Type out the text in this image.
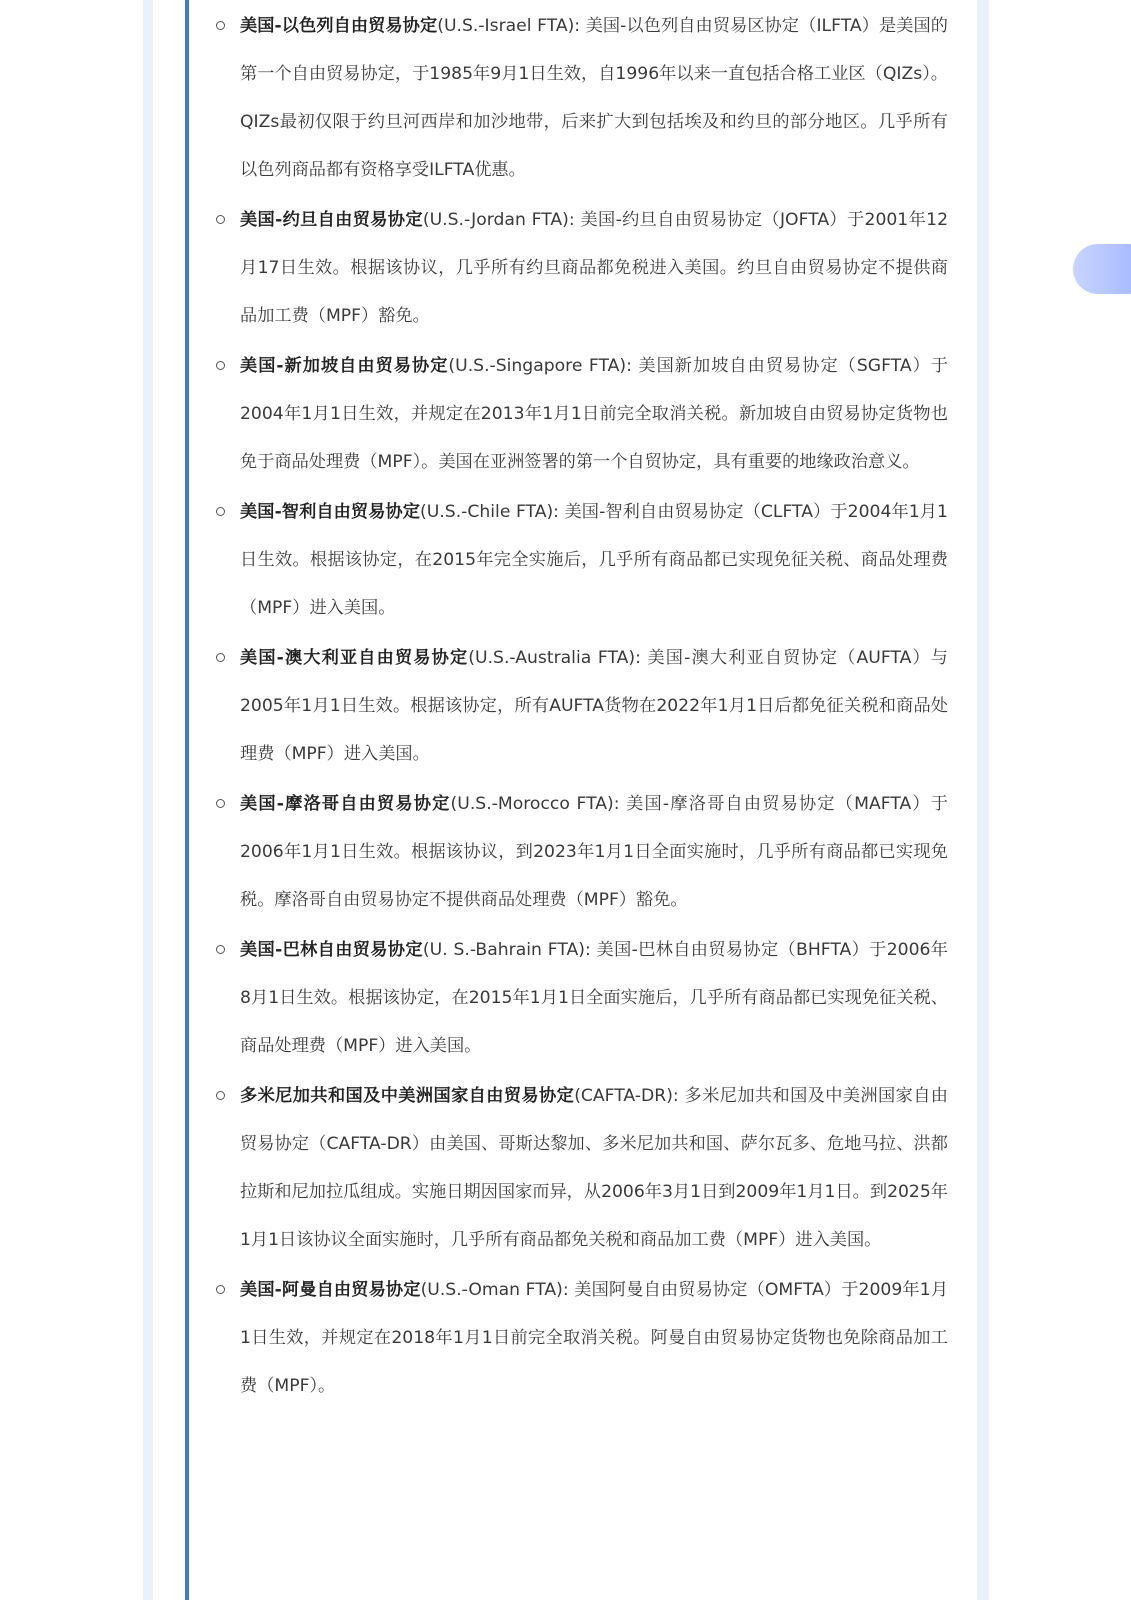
美国-以色列自由贸易协定(U.S.-Israel FTA): 美国-以色列自由贸易区协定（ILFTA）是美国的第一个自由贸易协定，于1985年9月1日生效，自1996年以来一直包括合格工业区（QIZs）。QIZs最初仅限于约旦河西岸和加沙地带，后来扩大到包括埃及和约旦的部分地区。几乎所有以色列商品都有资格享受ILFTA优惠。
美国-约旦自由贸易协定(U.S.-Jordan FTA): 美国-约旦自由贸易协定（JOFTA）于2001年12月17日生效。根据该协议，几乎所有约旦商品都免税进入美国。约旦自由贸易协定不提供商品加工费（MPF）豁免。
美国-新加坡自由贸易协定(U.S.-Singapore FTA): 美国新加坡自由贸易协定（SGFTA）于2004年1月1日生效，并规定在2013年1月1日前完全取消关税。新加坡自由贸易协定货物也免于商品处理费（MPF）。美国在亚洲签署的第一个自贸协定，具有重要的地缘政治意义。
美国-智利自由贸易协定(U.S.-Chile FTA): 美国-智利自由贸易协定（CLFTA）于2004年1月1日生效。根据该协定，在2015年完全实施后，几乎所有商品都已实现免征关税、商品处理费（MPF）进入美国。
美国-澳大利亚自由贸易协定(U.S.-Australia FTA): 美国-澳大利亚自贸协定（AUFTA）与2005年1月1日生效。根据该协定，所有AUFTA货物在2022年1月1日后都免征关税和商品处理费（MPF）进入美国。
美国-摩洛哥自由贸易协定(U.S.-Morocco FTA): 美国-摩洛哥自由贸易协定（MAFTA）于2006年1月1日生效。根据该协议，到2023年1月1日全面实施时，几乎所有商品都已实现免税。摩洛哥自由贸易协定不提供商品处理费（MPF）豁免。
美国-巴林自由贸易协定(U. S.-Bahrain FTA): 美国-巴林自由贸易协定（BHFTA）于2006年8月1日生效。根据该协定，在2015年1月1日全面实施后，几乎所有商品都已实现免征关税、商品处理费（MPF）进入美国。
多米尼加共和国及中美洲国家自由贸易协定(CAFTA-DR): 多米尼加共和国及中美洲国家自由贸易协定（CAFTA-DR）由美国、哥斯达黎加、多米尼加共和国、萨尔瓦多、危地马拉、洪都拉斯和尼加拉瓜组成。实施日期因国家而异，从2006年3月1日到2009年1月1日。到2025年1月1日该协议全面实施时，几乎所有商品都免关税和商品加工费（MPF）进入美国。
美国-阿曼自由贸易协定(U.S.-Oman FTA): 美国阿曼自由贸易协定（OMFTA）于2009年1月1日生效，并规定在2018年1月1日前完全取消关税。阿曼自由贸易协定货物也免除商品加工费（MPF）。
